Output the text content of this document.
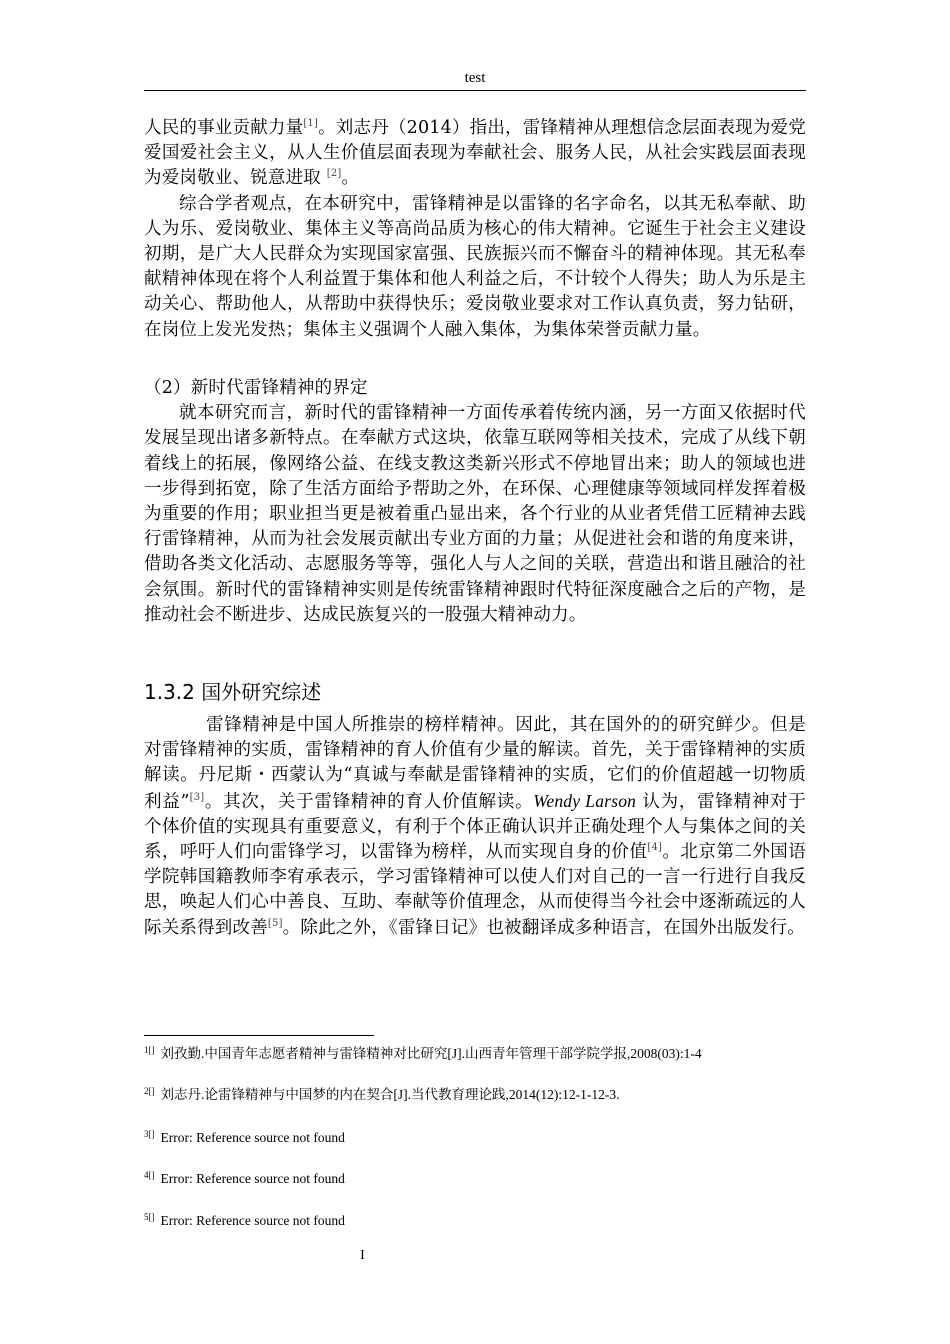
test

人民的事业贡献力量[1]。刘志丹（2014）指出，雷锋精神从理想信念层面表现为爱党爱国爱社会主义，从人生价值层面表现为奉献社会、服务人民，从社会实践层面表现为爱岗敬业、锐意进取 [2]。

综合学者观点，在本研究中，雷锋精神是以雷锋的名字命名，以其无私奉献、助人为乐、爱岗敬业、集体主义等高尚品质为核心的伟大精神。它诞生于社会主义建设初期，是广大人民群众为实现国家富强、民族振兴而不懈奋斗的精神体现。其无私奉献精神体现在将个人利益置于集体和他人利益之后，不计较个人得失；助人为乐是主动关心、帮助他人，从帮助中获得快乐；爱岗敬业要求对工作认真负责，努力钻研，在岗位上发光发热；集体主义强调个人融入集体，为集体荣誉贡献力量。

（2）新时代雷锋精神的界定

就本研究而言，新时代的雷锋精神一方面传承着传统内涵，另一方面又依据时代发展呈现出诸多新特点。在奉献方式这块，依靠互联网等相关技术，完成了从线下朝着线上的拓展，像网络公益、在线支教这类新兴形式不停地冒出来；助人的领域也进一步得到拓宽，除了生活方面给予帮助之外，在环保、心理健康等领域同样发挥着极为重要的作用；职业担当更是被着重凸显出来，各个行业的从业者凭借工匠精神去践行雷锋精神，从而为社会发展贡献出专业方面的力量；从促进社会和谐的角度来讲，借助各类文化活动、志愿服务等等，强化人与人之间的关联，营造出和谐且融洽的社会氛围。新时代的雷锋精神实则是传统雷锋精神跟时代特征深度融合之后的产物，是推动社会不断进步、达成民族复兴的一股强大精神动力。

1.3.2 国外研究综述

雷锋精神是中国人所推崇的榜样精神。因此，其在国外的的研究鲜少。但是对雷锋精神的实质，雷锋精神的育人价值有少量的解读。首先，关于雷锋精神的实质解读。丹尼斯・西蒙认为“真诚与奉献是雷锋精神的实质，它们的价值超越一切物质利益”[3]。其次，关于雷锋精神的育人价值解读。Wendy Larson 认为，雷锋精神对于个体价值的实现具有重要意义，有利于个体正确认识并正确处理个人与集体之间的关系，呼吁人们向雷锋学习，以雷锋为榜样，从而实现自身的价值[4]。北京第二外国语学院韩国籍教师李宥承表示，学习雷锋精神可以使人们对自己的一言一行进行自我反思，唤起人们心中善良、互助、奉献等价值理念，从而使得当今社会中逐渐疏远的人际关系得到改善[5]。除此之外，《雷锋日记》也被翻译成多种语言，在国外出版发行。

$^{1[]}$ 刘孜勤.中国青年志愿者精神与雷锋精神对比研究[J].山西青年管理干部学院学报,2008(03):1-4
$^{2[]}$ 刘志丹.论雷锋精神与中国梦的内在契合[J].当代教育理论践,2014(12):12-1-12-3.
$^{3[]}$ Error: Reference source not found
$^{4[]}$ Error: Reference source not found
$^{5[]}$ Error: Reference source not found
I
